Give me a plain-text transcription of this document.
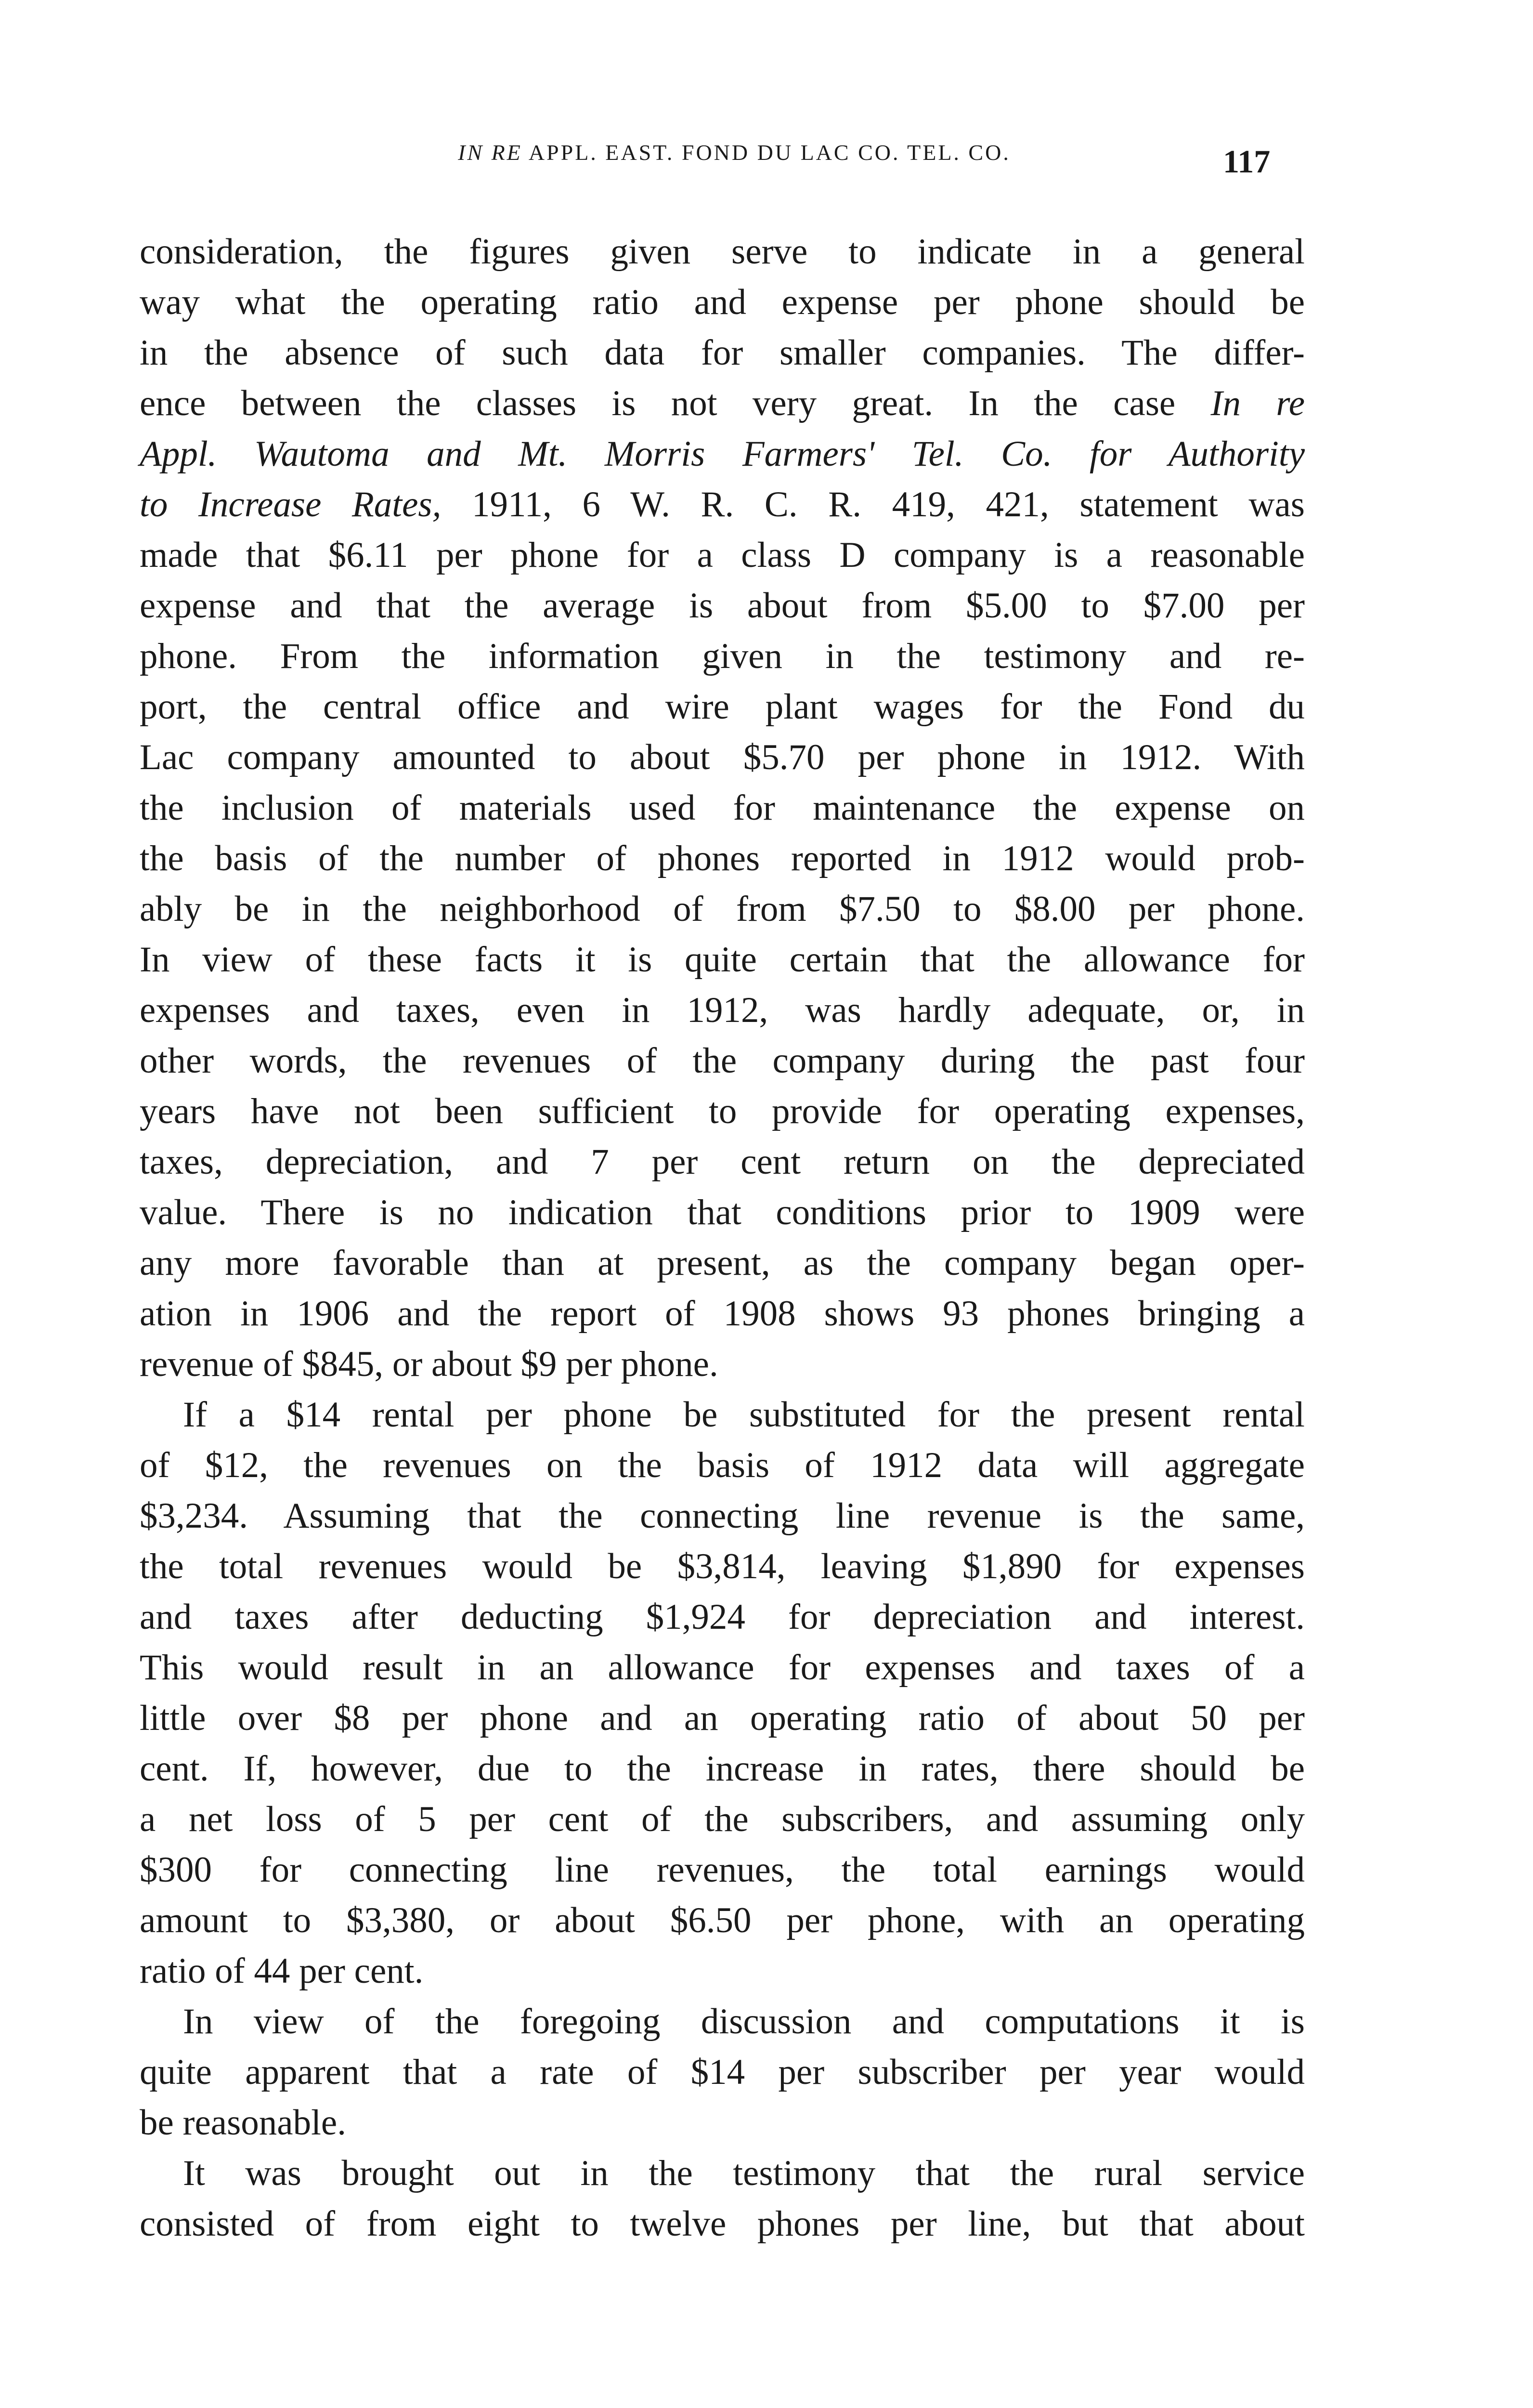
IN RE APPL. EAST. FOND DU LAC CO. TEL. CO.	117
consideration, the figures given serve to indicate in a general
way what the operating ratio and expense per phone should be
in the absence of such data for smaller companies. The differ-
ence between the classes is not very great. In the case In re
Appl. Wautoma and Mt. Morris Farmers' Tel. Co. for Authority
to Increase Rates, 1911, 6 W. R. C. R. 419, 421, statement was
made that $6.11 per phone for a class D company is a reasonable
expense and that the average is about from $5.00 to $7.00 per
phone. From the information given in the testimony and re-
port, the central office and wire plant wages for the Fond du
Lac company amounted to about $5.70 per phone in 1912. With
the inclusion of materials used for maintenance the expense on
the basis of the number of phones reported in 1912 would prob-
ably be in the neighborhood of from $7.50 to $8.00 per phone.
In view of these facts it is quite certain that the allowance for
expenses and taxes, even in 1912, was hardly adequate, or, in
other words, the revenues of the company during the past four
years have not been sufficient to provide for operating expenses,
taxes, depreciation, and 7 per cent return on the depreciated
value. There is no indication that conditions prior to 1909 were
any more favorable than at present, as the company began oper-
ation in 1906 and the report of 1908 shows 93 phones bringing a
revenue of $845, or about $9 per phone.
If a $14 rental per phone be substituted for the present rental
of $12, the revenues on the basis of 1912 data will aggregate
$3,234. Assuming that the connecting line revenue is the same,
the total revenues would be $3,814, leaving $1,890 for expenses
and taxes after deducting $1,924 for depreciation and interest.
This would result in an allowance for expenses and taxes of a
little over $8 per phone and an operating ratio of about 50 per
cent. If, however, due to the increase in rates, there should be
a net loss of 5 per cent of the subscribers, and assuming only
$300 for connecting line revenues, the total earnings would
amount to $3,380, or about $6.50 per phone, with an operating
ratio of 44 per cent.
In view of the foregoing discussion and computations it is
quite apparent that a rate of $14 per subscriber per year would
be reasonable.
It was brought out in the testimony that the rural service
consisted of from eight to twelve phones per line, but that about
